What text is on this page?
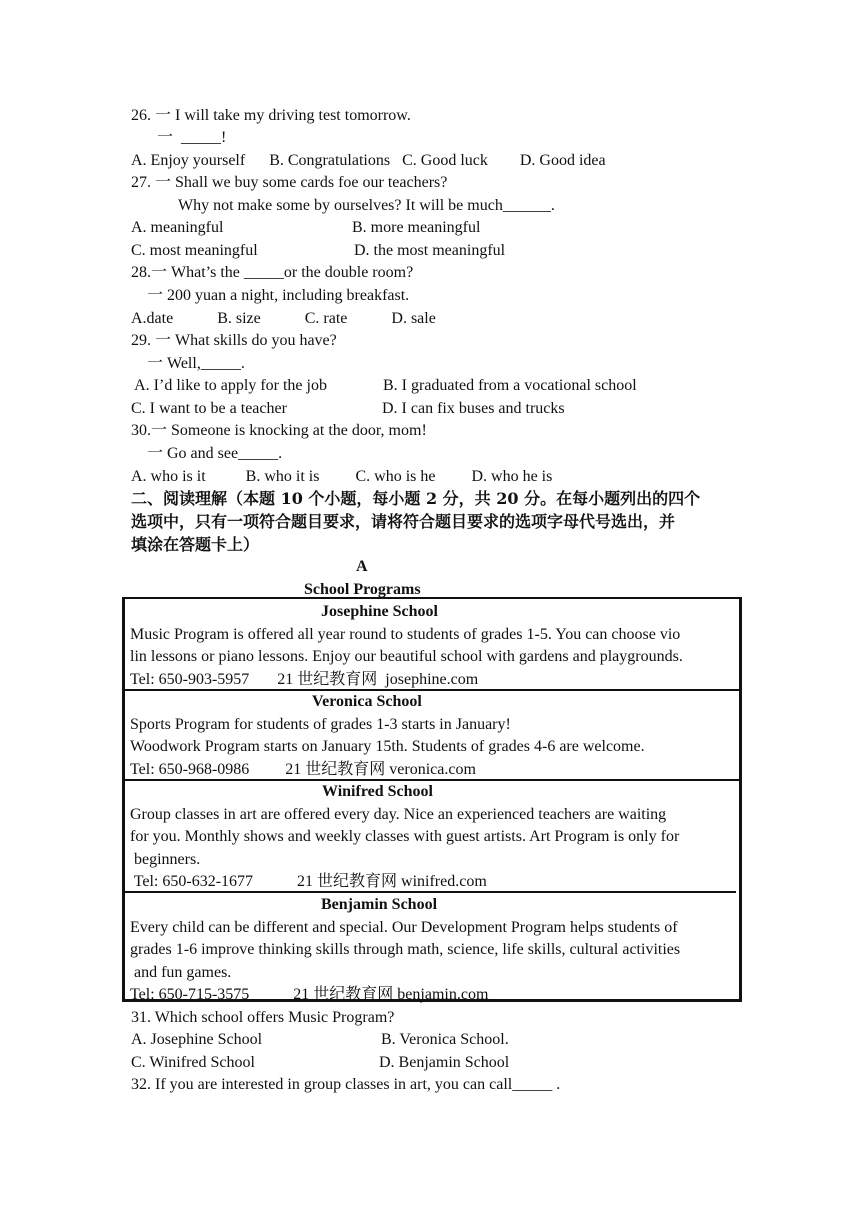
26. 一 I will take my driving test tomorrow.
一  _____!
A. Enjoy yourself      B. Congratulations   C. Good luck        D. Good idea
27. 一 Shall we buy some cards foe our teachers?
Why not make some by ourselves? It will be much______.
A. meaningful	B. more meaningful
C. most meaningful	D. the most meaningful
28.一 What’s the _____or the double room?
一 200 yuan a night, including breakfast.
A.date           B. size           C. rate           D. sale
29. 一 What skills do you have?
一 Well,_____.
A. I’d like to apply for the job	B. I graduated from a vocational school
C. I want to be a teacher	D. I can fix buses and trucks
30.一 Someone is knocking at the door, mom!
一 Go and see_____.
A. who is it          B. who it is         C. who is he         D. who he is
二、阅读理解（本题 10 个小题，每小题 2 分，共 20 分。在每小题列出的四个
选项中，只有一项符合题目要求，请将符合题目要求的选项字母代号选出，并
填涂在答题卡上）
A
School Programs
Josephine School
Music Program is offered all year round to students of grades 1-5. You can choose vio
lin lessons or piano lessons. Enjoy our beautiful school with gardens and playgrounds.
Tel: 650-903-5957       21 世纪教育网  josephine.com
Veronica School
Sports Program for students of grades 1-3 starts in January!
Woodwork Program starts on January 15th. Students of grades 4-6 are welcome.
Tel: 650-968-0986         21 世纪教育网 veronica.com
Winifred School
Group classes in art are offered every day. Nice an experienced teachers are waiting
for you. Monthly shows and weekly classes with guest artists. Art Program is only for
beginners.
Tel: 650-632-1677           21 世纪教育网 winifred.com
Benjamin School
Every child can be different and special. Our Development Program helps students of
grades 1-6 improve thinking skills through math, science, life skills, cultural activities
and fun games.
Tel: 650-715-3575           21 世纪教育网 benjamin.com
31. Which school offers Music Program?
A. Josephine School	B. Veronica School.
C. Winifred School	D. Benjamin School
32. If you are interested in group classes in art, you can call_____ .
